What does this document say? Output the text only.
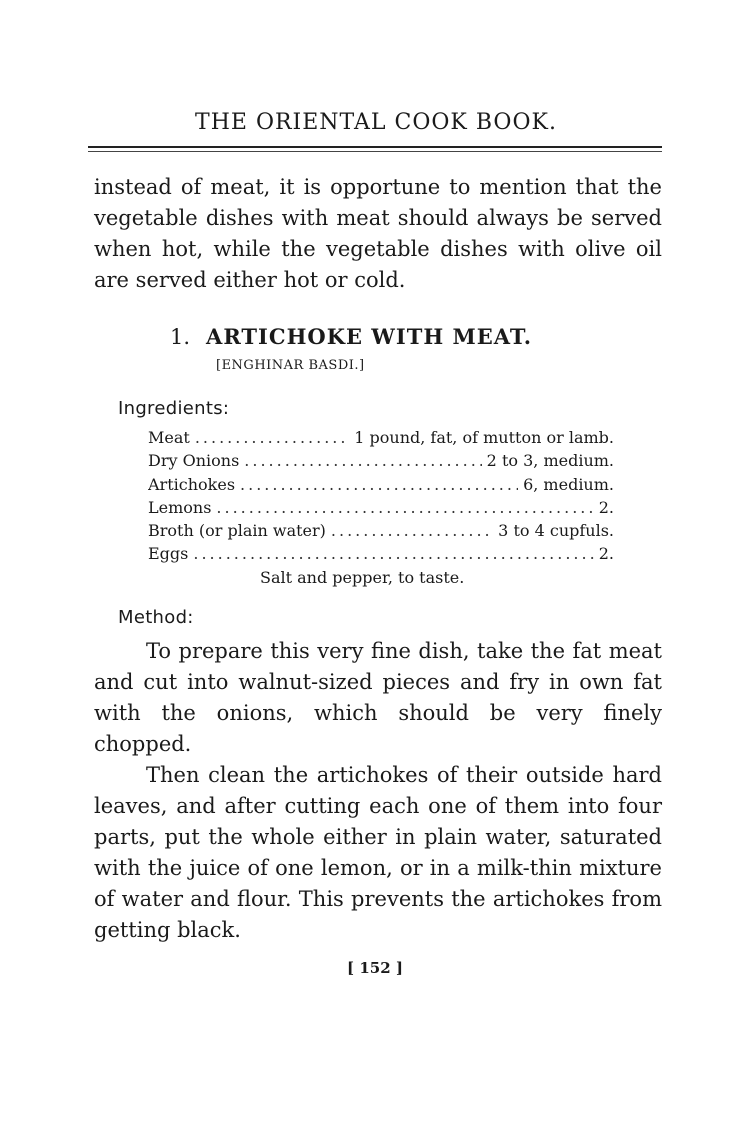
THE ORIENTAL COOK BOOK.
instead of meat, it is opportune to mention that the vegetable dishes with meat should always be served when hot, while the vegetable dishes with olive oil are served either hot or cold.
1. ARTICHOKE WITH MEAT.
[ENGHINAR BASDI.]
Ingredients:
Meat .....	1 pound, fat, of mutton or lamb.
Dry Onions .....	2 to 3, medium.
Artichokes .....	6, medium.
Lemons .....	2.
Broth (or plain water) .....	3 to 4 cupfuls.
Eggs .....	2.
Salt and pepper, to taste.
Method:

To prepare this very fine dish, take the fat meat and cut into walnut-sized pieces and fry in own fat with the onions, which should be very finely chopped.

Then clean the artichokes of their outside hard leaves, and after cutting each one of them into four parts, put the whole either in plain water, saturated with the juice of one lemon, or in a milk-thin mixture of water and flour. This prevents the artichokes from getting black.

[ 152 ]
